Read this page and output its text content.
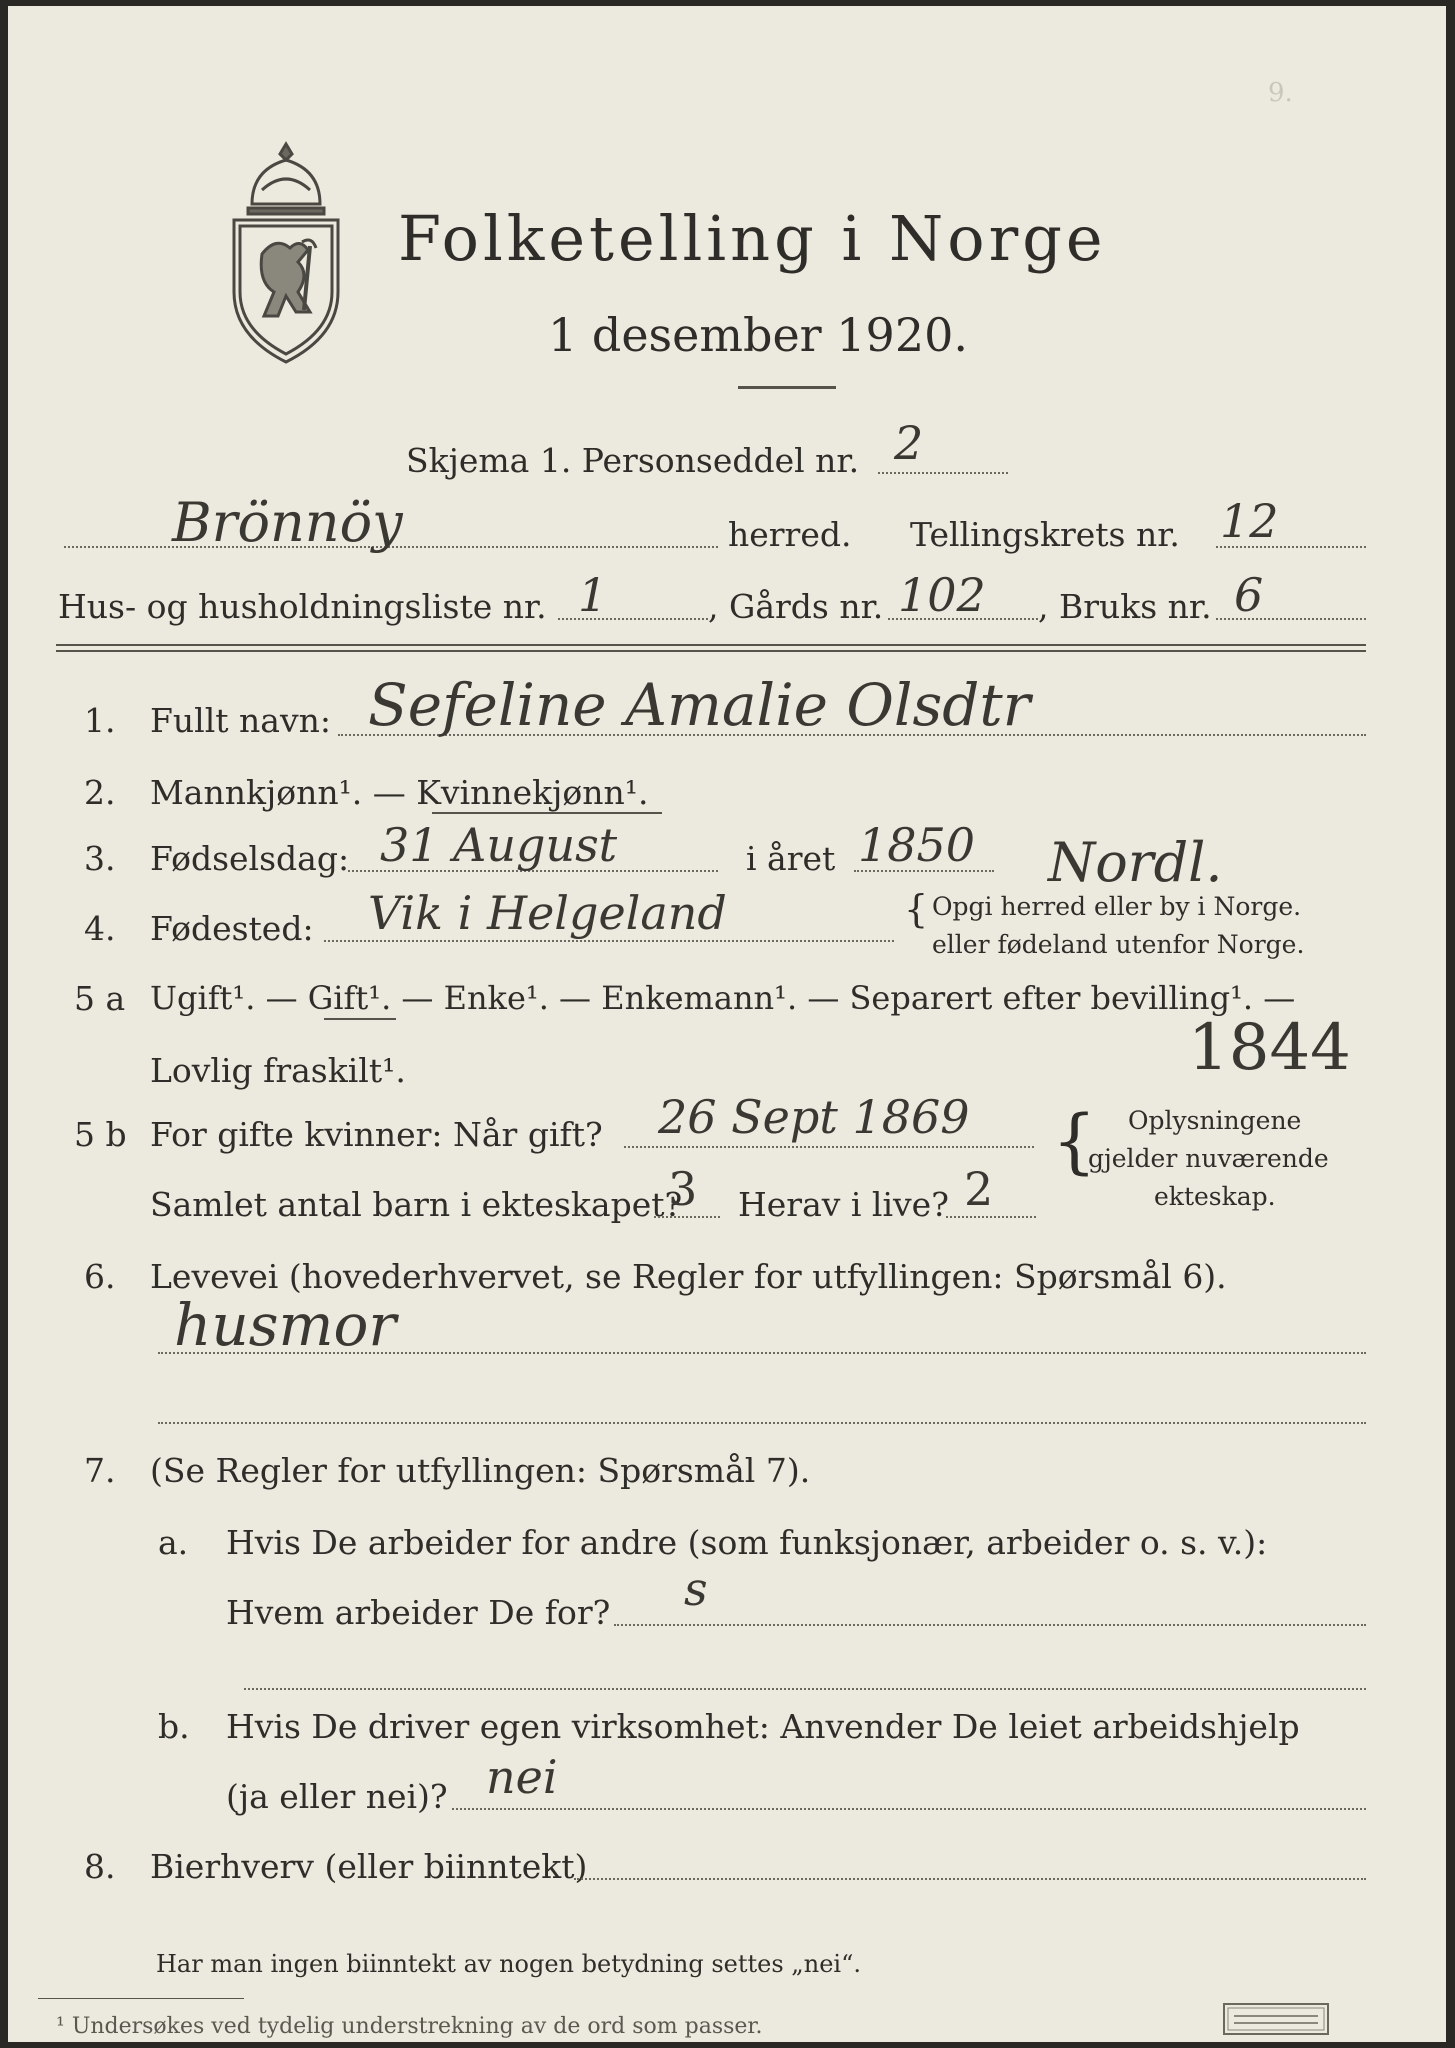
9.
Folketelling i Norge
1 desember 1920.
Skjema 1. Personseddel nr. 2
Brönnöy	herred. Tellingskrets nr. 12
Hus- og husholdningsliste nr. 1	, Gårds nr. 102 , Bruks nr. 6
1. Fullt navn: Sefeline Amalie Olsdtr
2. Mannkjønn¹. — Kvinnekjønn¹.
3. Fødselsdag: 31 August	i året 1850 Nordl.
4. Fødested: Vik i Helgeland	{ Opgi herred eller by i Norge.
eller fødeland utenfor Norge.
5 a Ugift¹. — Gift¹. — Enke¹. — Enkemann¹. — Separert efter bevilling¹. —
Lovlig fraskilt¹.	1844
5 b For gifte kvinner: Når gift? 26 Sept 1869 { Oplysningene
gjelder nuværende
ekteskap.
Samlet antal barn i ekteskapet?
3 Herav i live? 2
6. Levevei (hovederhvervet, se Regler for utfyllingen: Spørsmål 6).
husmor
7. (Se Regler for utfyllingen: Spørsmål 7).
a. Hvis De arbeider for andre (som funksjonær, arbeider o. s. v.):
Hvem arbeider De for? s
b. Hvis De driver egen virksomhet: Anvender De leiet arbeidshjelp
(ja eller nei)? nei
8. Bierhverv (eller biinntekt)
Har man ingen biinntekt av nogen betydning settes „nei“.
¹ Undersøkes ved tydelig understrekning av de ord som passer.
